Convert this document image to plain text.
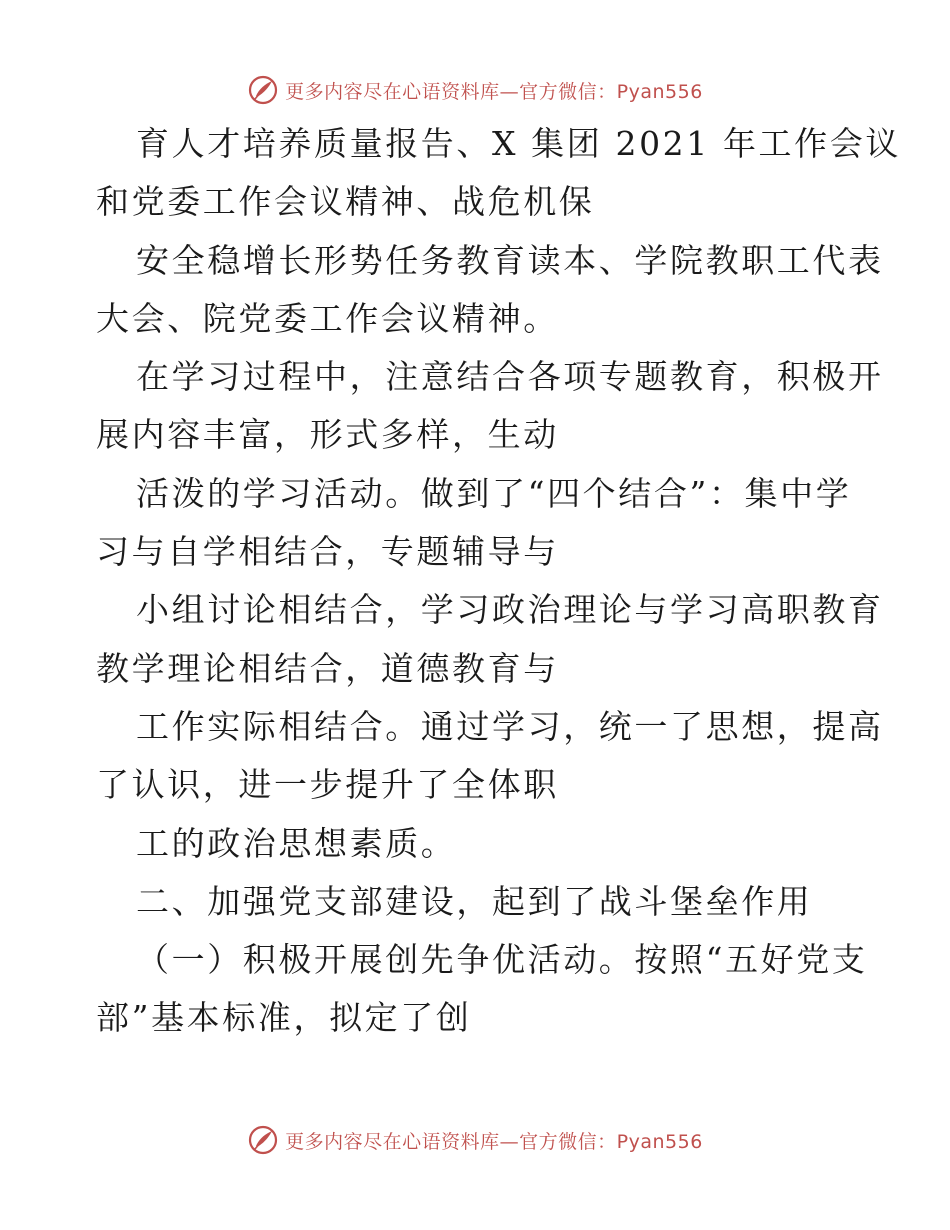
更多内容尽在心语资料库—官方微信：Pyan556
育人才培养质量报告、X 集团 2021 年工作会议
和党委工作会议精神、战危机保
安全稳增长形势任务教育读本、学院教职工代表
大会、院党委工作会议精神。
在学习过程中，注意结合各项专题教育，积极开
展内容丰富，形式多样，生动
活泼的学习活动。做到了“四个结合”：集中学
习与自学相结合，专题辅导与
小组讨论相结合，学习政治理论与学习高职教育
教学理论相结合，道德教育与
工作实际相结合。通过学习，统一了思想，提高
了认识，进一步提升了全体职
工的政治思想素质。
二、加强党支部建设，起到了战斗堡垒作用
（一）积极开展创先争优活动。按照“五好党支
部”基本标准，拟定了创
更多内容尽在心语资料库—官方微信：Pyan556
